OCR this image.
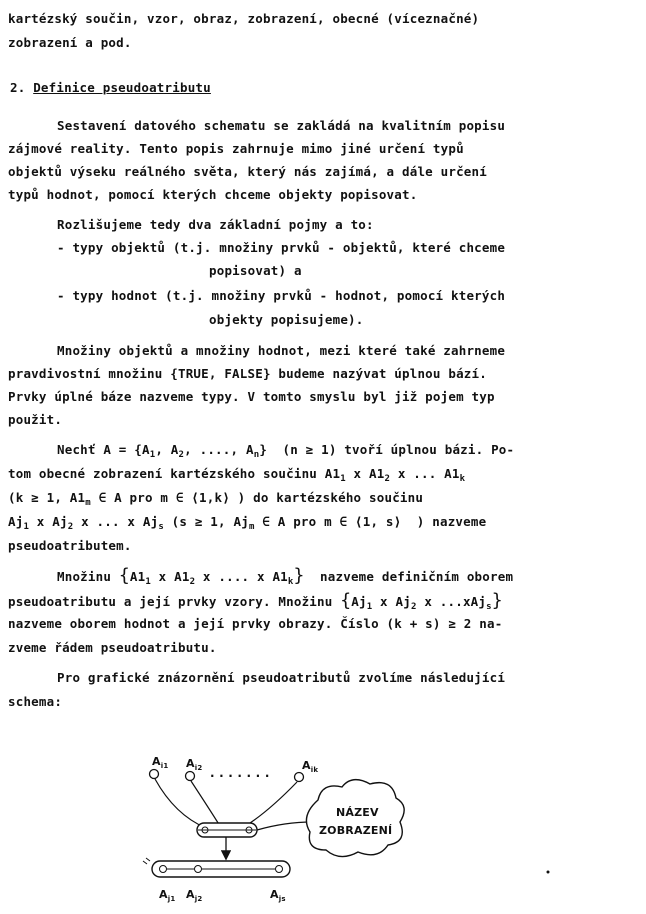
kartézský součin, vzor, obraz, zobrazení, obecné (víceznačné)
zobrazení a pod.
2. Definice pseudoatributu
Sestavení datového schematu se zakládá na kvalitním popisu
zájmové reality. Tento popis zahrnuje mimo jiné určení typů
objektů výseku reálného světa, který nás zajímá, a dále určení
typů hodnot, pomocí kterých chceme objekty popisovat.
Rozlišujeme tedy dva základní pojmy a to:
- typy objektů (t.j. množiny prvků - objektů, které chceme
popisovat) a
- typy hodnot (t.j. množiny prvků - hodnot, pomocí kterých
objekty popisujeme).
Množiny objektů a množiny hodnot, mezi které také zahrneme
pravdivostní množinu {TRUE, FALSE} budeme nazývat úplnou bází.
Prvky úplné báze nazveme typy. V tomto smyslu byl již pojem typ
použit.
Nechť $A = \{A_1$, $A_2$, ...., $A_n$}  (n ≥ 1) tvoří úplnou bázi. Po-
tom obecné zobrazení kartézského součinu $A1_1$ x $A1_2$ x ... $A1_k$
(k ≥ 1, $A1_m$ ∈ A pro m ∈ ⟨1,k⟩ ) do kartézského součinu
$Aj_1$ x $Aj_2$ x ... x $Aj_s$ (s ≥ 1, $Aj_m$ ∈ A pro m ∈ ⟨1, s⟩  ) nazveme
pseudoatributem.
Množinu {$A1_1$ x $A1_2$ x .... x $A1_k$}  nazveme definičním oborem
pseudoatributu a její prvky vzory. Množinu {$Aj_1$ x $Aj_2$ x ...xAj$_s$}
nazveme oborem hodnot a její prvky obrazy. Číslo (k + s) ≥ 2 na-
zveme řádem pseudoatributu.
Pro grafické znázornění pseudoatributů zvolíme následující
schema:
$A_{i1}$ $A_{i2}$	$A_{ik}$
. . . . . . .
NÁZEV
ZOBRAZENÍ
$A_{j1}$ $A_{j2}$	$A_{js}$
